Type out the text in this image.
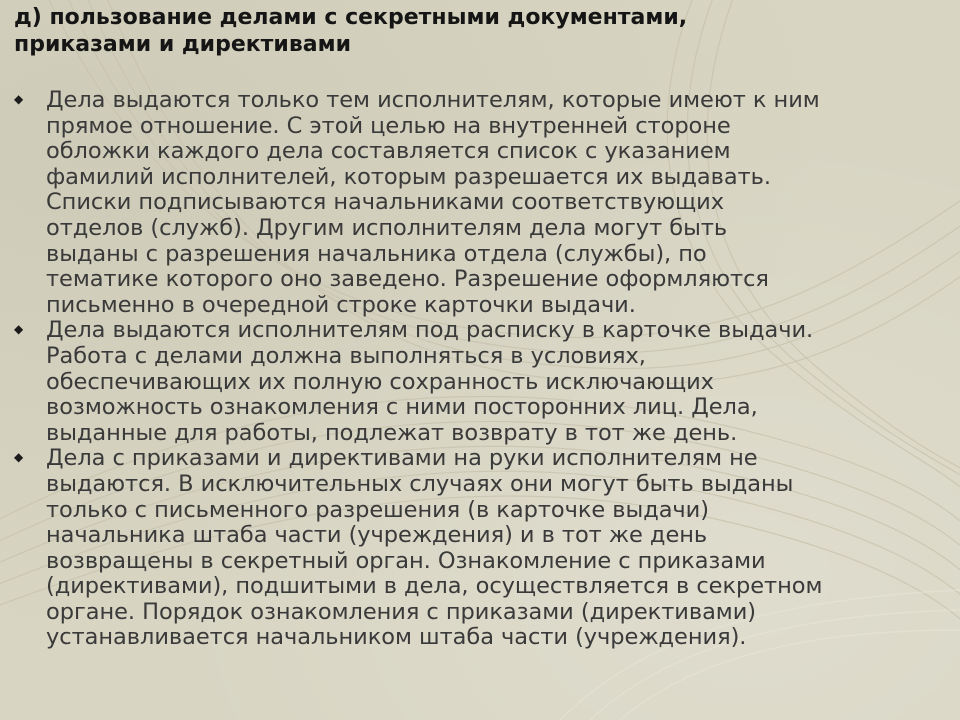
д) пользование делами с секретными документами,
приказами и директивами
◆ Дела выдаются только тем исполнителям, которые имеют к ним
прямое отношение. С этой целью на внутренней стороне
обложки каждого дела составляется список с указанием
фамилий исполнителей, которым разрешается их выдавать.
Списки подписываются начальниками соответствующих
отделов (служб). Другим исполнителям дела могут быть
выданы с разрешения начальника отдела (службы), по
тематике которого оно заведено. Разрешение оформляются
письменно в очередной строке карточки выдачи.
◆ Дела выдаются исполнителям под расписку в карточке выдачи.
Работа с делами должна выполняться в условиях,
обеспечивающих их полную сохранность исключающих
возможность ознакомления с ними посторонних лиц. Дела,
выданные для работы, подлежат возврату в тот же день.
◆ Дела с приказами и директивами на руки исполнителям не
выдаются. В исключительных случаях они могут быть выданы
только с письменного разрешения (в карточке выдачи)
начальника штаба части (учреждения) и в тот же день
возвращены в секретный орган. Ознакомление с приказами
(директивами), подшитыми в дела, осуществляется в секретном
органе. Порядок ознакомления с приказами (директивами)
устанавливается начальником штаба части (учреждения).
